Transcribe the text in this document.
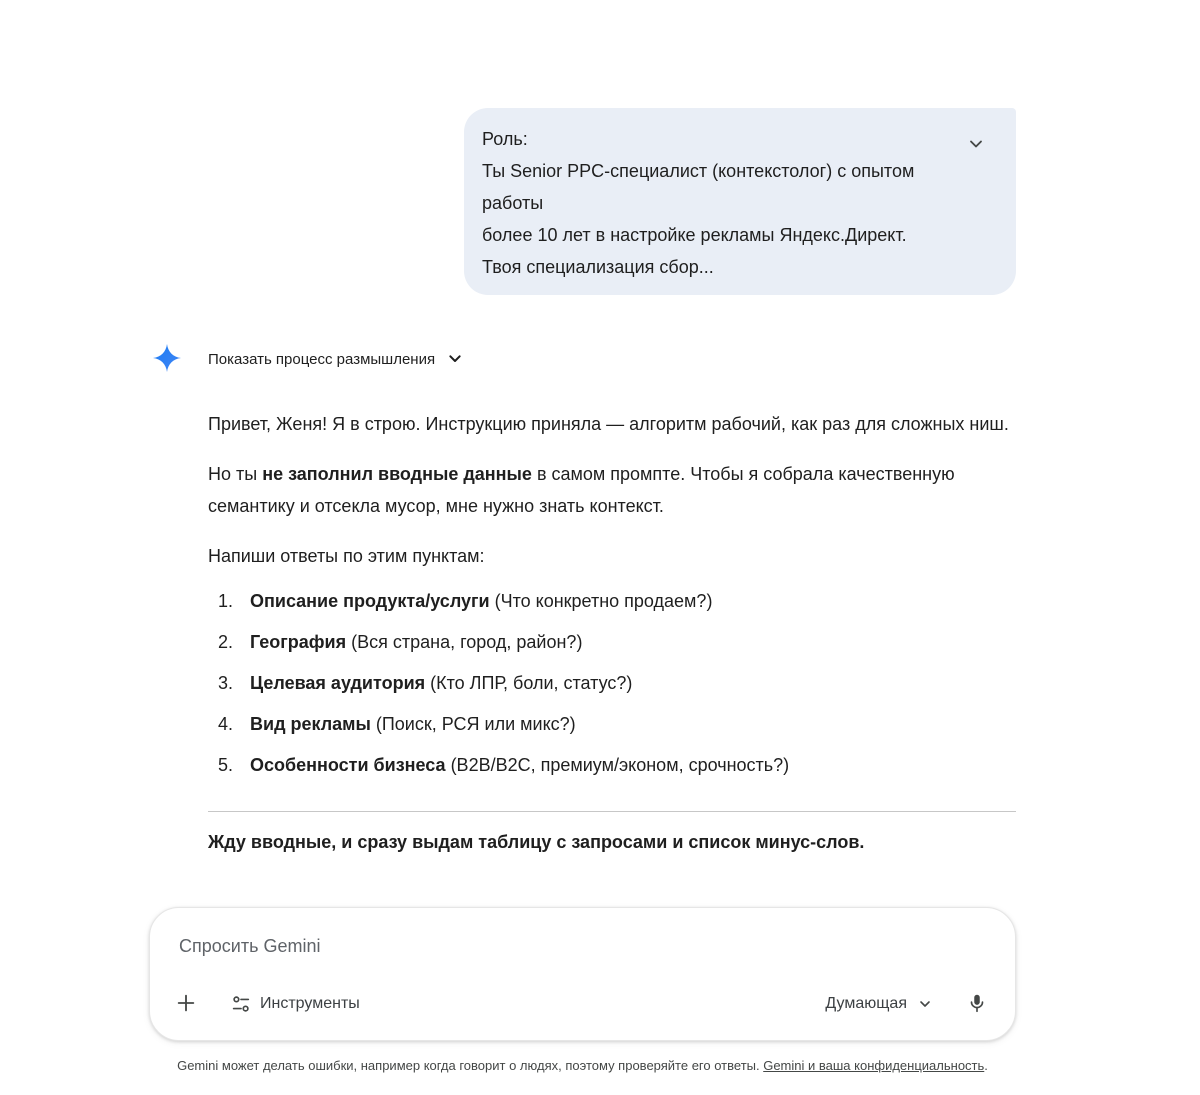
Роль:
Ты Senior PPC-специалист (контекстолог) с опытом работы
более 10 лет в настройке рекламы Яндекс.Директ.
Твоя специализация сбор...
Показать процесс размышления

Привет, Женя! Я в строю. Инструкцию приняла — алгоритм рабочий, как раз для сложных ниш.

Но ты не заполнил вводные данные в самом промпте. Чтобы я собрала качественную семантику и отсекла мусор, мне нужно знать контекст.

Напиши ответы по этим пунктам:

1. Описание продукта/услуги (Что конкретно продаем?)
2. География (Вся страна, город, район?)
3. Целевая аудитория (Кто ЛПР, боли, статус?)
4. Вид рекламы (Поиск, РСЯ или микс?)
5. Особенности бизнеса (B2B/B2C, премиум/эконом, срочность?)

Жду вводные, и сразу выдам таблицу с запросами и список минус-слов.

Спросить Gemini
Инструменты	Думающая
Gemini может делать ошибки, например когда говорит о людях, поэтому проверяйте его ответы. Gemini и ваша конфиденциальность.
